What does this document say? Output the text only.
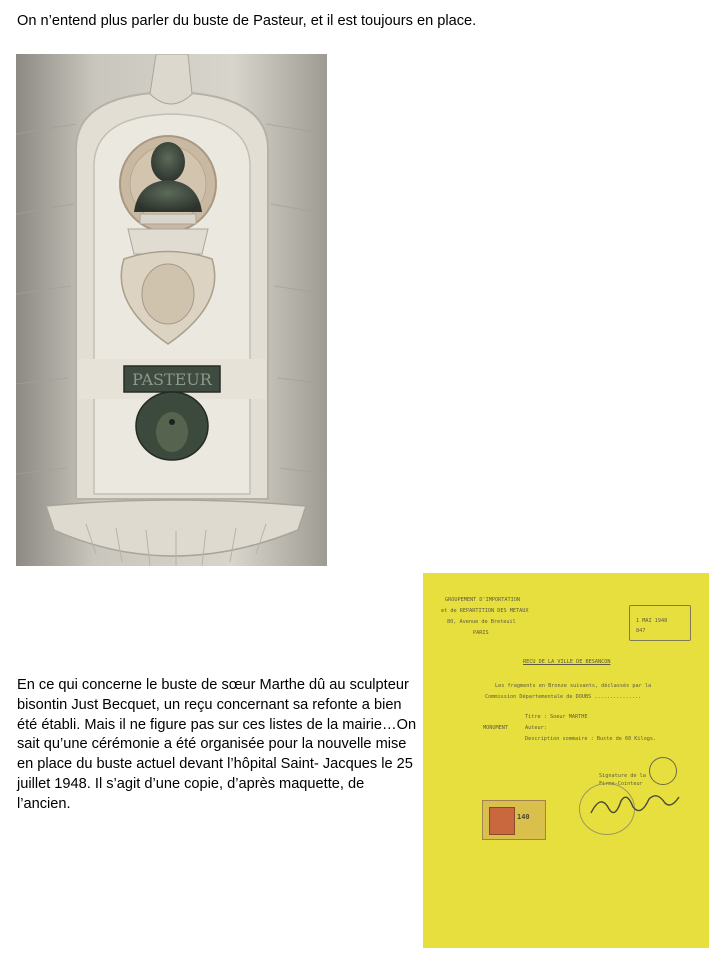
On n’entend plus parler du buste de Pasteur, et il est toujours en place.

PASTEUR

En ce qui concerne le buste de sœur Marthe dû au sculpteur bisontin Just Becquet, un reçu concernant sa refonte a bien été établi. Mais il ne figure pas sur ces listes de la mairie…On sait qu’une cérémonie a été organisée pour la nouvelle mise en place du buste actuel devant l’hôpital Saint- Jacques le 25 juillet 1948. Il s’agit d’une copie, d’après maquette, de l’ancien.

GROUPEMENT D'IMPORTATION
et de REPARTITION DES METAUX
80, Avenue de Breteuil
PARIS
1 MAI 1948
847
RECU DE LA VILLE DE BESANCON
Les fragments en Bronze suivants, déclassés par la
Commission Départementale de DOUBS ...............
MONUMENT
Titre : Soeur MARTHE
Auteur:
Description sommaire : Buste de 60 Kilogs.
Signature de la
Firme-Cointeur
140
